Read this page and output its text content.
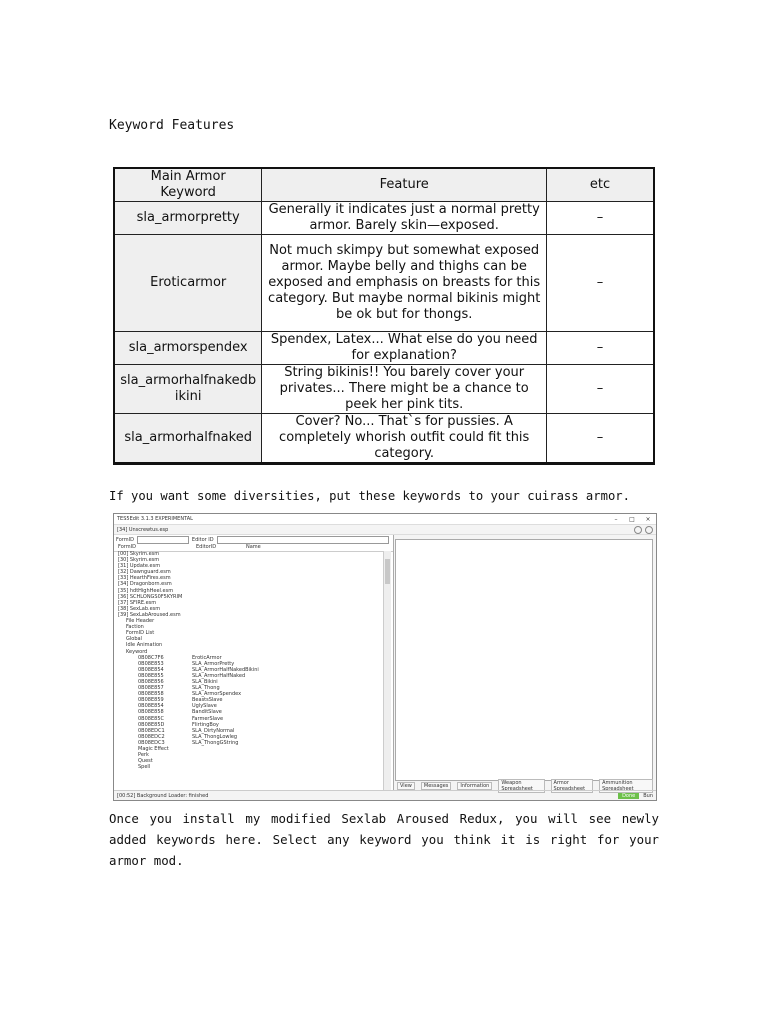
Keyword Features
Main Armor Keyword	Feature	etc
sla_armorpretty	Generally it indicates just a normal pretty armor. Barely skin—exposed.	–
Eroticarmor	Not much skimpy but somewhat exposed armor. Maybe belly and thighs can be exposed and emphasis on breasts for this category. But maybe normal bikinis might be ok but for thongs.	–
sla_armorspendex	Spendex, Latex... What else do you need for explanation?	–
sla_armorhalfnakedbikini	String bikinis!! You barely cover your privates... There might be a chance to peek her pink tits.	–
sla_armorhalfnaked	Cover? No... That`s for pussies. A completely whorish outfit could fit this category.	–
If you want some diversities, put these keywords to your cuirass armor.
TES5Edit 3.1.3 EXPERIMENTAL	–	□	×
[34] Unscrewtus.esp
FormID	Editor ID
FormID	EditorID	Name
[00] Skyrim.esm
[30] Skyrim.esm
[31] Update.esm
[32] Dawnguard.esm
[33] HearthFires.esm
[34] Dragonborn.esm
[35] hdtHighHeel.esm
[36] SCHLONGS0F5KYRIM
[37] SFIRE.esm
[38] SexLab.esm
[39] SexLabAroused.esm
File Header
Faction
FormID List
Global
Idle Animation
Keyword
0B08C7F6	EroticArmor
0B08E853	SLA_ArmorPretty
0B08E854	SLA_ArmorHalfNakedBikini
0B08E855	SLA_ArmorHalfNaked
0B08E856	SLA_Bikini
0B08E857	SLA_Thong
0B08E858	SLA_ArmorSpendex
0B08E859	BeastsSlave
0B08E854	UglySlave
0B08E858	BanditSlave
0B08E85C	FarmerSlave
0B08E85D	FlirtingBoy
0B08EDC1	SLA_DirtyNormal
0B08EDC2	SLA_ThongLowleg
0B08EDC3	SLA_ThongGString
Magic Effect
Perk
Quest
Spell
View	Messages	Information	Weapon Spreadsheet
Armor Spreadsheet
Ammunition Spreadsheet
[00:52] Background Loader: finished	Done	Bun
Once you install my modified Sexlab Aroused Redux, you will see newly added keywords here. Select any keyword you think it is right for your armor mod.
